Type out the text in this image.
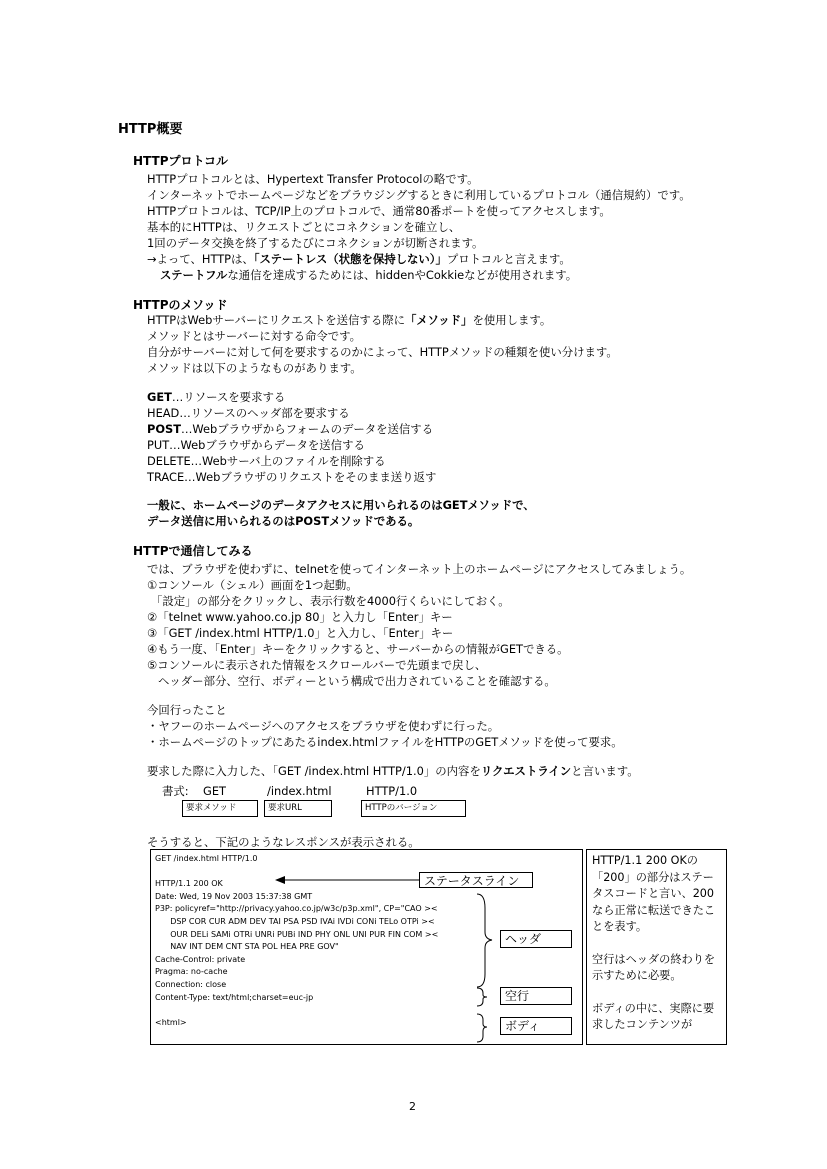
HTTP概要
HTTPプロトコル
HTTPプロトコルとは、Hypertext Transfer Protocolの略です。
インターネットでホームページなどをブラウジングするときに利用しているプロトコル（通信規約）です。
HTTPプロトコルは、TCP/IP上のプロトコルで、通常80番ポートを使ってアクセスします。
基本的にHTTPは、リクエストごとにコネクションを確立し、
1回のデータ交換を終了するたびにコネクションが切断されます。
→よって、HTTPは、「ステートレス（状態を保持しない）」プロトコルと言えます。
ステートフルな通信を達成するためには、hiddenやCokkieなどが使用されます。
HTTPのメソッド
HTTPはWebサーバーにリクエストを送信する際に「メソッド」を使用します。
メソッドとはサーバーに対する命令です。
自分がサーバーに対して何を要求するのかによって、HTTPメソッドの種類を使い分けます。
メソッドは以下のようなものがあります。
GET…リソースを要求する
HEAD…リソースのヘッダ部を要求する
POST…Webブラウザからフォームのデータを送信する
PUT…Webブラウザからデータを送信する
DELETE…Webサーバ上のファイルを削除する
TRACE…Webブラウザのリクエストをそのまま送り返す
一般に、ホームページのデータアクセスに用いられるのはGETメソッドで、
データ送信に用いられるのはPOSTメソッドである。
HTTPで通信してみる
では、ブラウザを使わずに、telnetを使ってインターネット上のホームページにアクセスしてみましょう。
①コンソール（シェル）画面を1つ起動。
「設定」の部分をクリックし、表示行数を4000行くらいにしておく。
②「telnet www.yahoo.co.jp 80」と入力し「Enter」キー
③「GET /index.html HTTP/1.0」と入力し、「Enter」キー
④もう一度、「Enter」キーをクリックすると、サーバーからの情報がGETできる。
⑤コンソールに表示された情報をスクロールバーで先頭まで戻し、
ヘッダー部分、空行、ボディーという構成で出力されていることを確認する。
今回行ったこと
・ヤフーのホームページへのアクセスをブラウザを使わずに行った。
・ホームページのトップにあたるindex.htmlファイルをHTTPのGETメソッドを使って要求。
要求した際に入力した、「GET /index.html HTTP/1.0」の内容をリクエストラインと言います。
書式: GET	/index.html	HTTP/1.0
要求メソッド	要求URL	HTTPのバージョン
そうすると、下記のようなレスポンスが表示される。
GET /index.html HTTP/1.0

HTTP/1.1 200 OK
Date: Wed, 19 Nov 2003 15:37:38 GMT
P3P: policyref="http://privacy.yahoo.co.jp/w3c/p3p.xml", CP="CAO ><
DSP COR CUR ADM DEV TAI PSA PSD IVAi IVDi CONi TELo OTPi ><
OUR DELi SAMi OTRi UNRi PUBi IND PHY ONL UNI PUR FIN COM ><
NAV INT DEM CNT STA POL HEA PRE GOV"
Cache-Control: private
Pragma: no-cache
Connection: close
Content-Type: text/html;charset=euc-jp

<html>
ステータスライン
ヘッダ
空行
ボディ
HTTP/1.1 200 OKの「200」の部分はステータスコードと言い、200なら正常に転送できたことを表す。
空行はヘッダの終わりを示すために必要。
ボディの中に、実際に要求したコンテンツが
2
